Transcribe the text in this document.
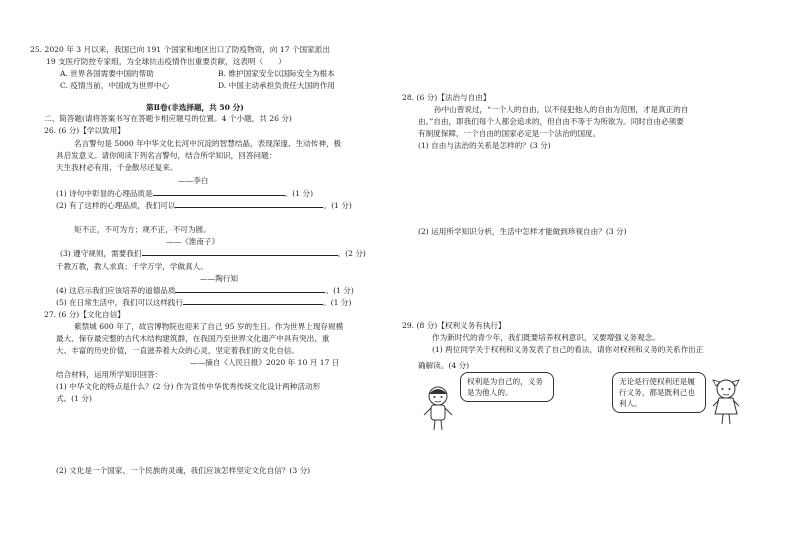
25. 2020 年 3 月以来，我国已向 191 个国家和地区出口了防疫物资，向 17 个国家派出
19 支医疗防控专家组，为全球抗击疫情作出重要贡献，这表明（　　）
A. 世界各国需要中国的帮助	B. 维护国家安全以国际安全为根本
C. 疫情当前，中国成为世界中心	D. 中国主动承担负责任大国的作用
第Ⅱ卷(非选择题，共 50 分)
二、简答题(请将答案书写在答题卡相应题号的位置。4 个小题，共 26 分)
26. (6 分)【学以致用】
名言警句是 5000 年中华文化长河中沉淀的智慧结晶，表现深邃、生动传神，极
具启发意义。请你阅读下列名言警句，结合所学知识，回答问题：
天生我材必有用，千金散尽还复来。
——李白
(1) 诗句中彰显的心理品质是	。(1 分)
(2) 有了这样的心理品质，我们可以	。(1 分)
矩不正，不可为方；规不正，不可为圆。
——《淮南子》
(3) 遵守规则，需要我们	。(2 分)
千教万教，教人求真；千学万学，学做真人。
——陶行知
(4) 这启示我们应该培养的道德品质	。(1 分)
(5) 在日常生活中，我们可以这样践行	。(1 分)
27. (6 分)【文化自信】
紫禁城 600 年了，故宫博物院也迎来了自己 95 岁的生日。作为世界上现存规模
最大、保存最完整的古代木结构建筑群，在我国乃至世界文化遗产中具有突出、重
大、丰富的历史价值，一直滋养着大众的心灵，坚定着我们的文化自信。
——摘自《人民日报》2020 年 10 月 17 日
结合材料，运用所学知识回答：
(1) 中华文化的特点是什么？(2 分) 作为宣传中华优秀传统文化设计两种活动形
式。(1 分)
(2) 文化是一个国家、一个民族的灵魂，我们应该怎样坚定文化自信？(3 分)
28. (6 分)【法治与自由】
孙中山曾说过，“一个人的自由，以不侵犯他人的自由为范围，才是真正的自
由。”自由，即我们每个人都会追求的，但自由不等于为所欲为。同时自由必须要
有制度保障，一个自由的国家必定是一个法治的国度。
(1) 自由与法治的关系是怎样的？(3 分)
(2) 运用所学知识分析，生活中怎样才能做到珍视自由？(3 分)
29. (8 分)【权利义务有执行】
作为新时代的青少年，我们既要培养权利意识，又要增强义务观念。
(1) 两位同学关于权利和义务发表了自己的看法，请你对权利和义务的关系作出正
确解读。(4 分)
权利是为自己的，义务是为他人的。
无论是行使权利还是履行义务，都是既利己也利人。
